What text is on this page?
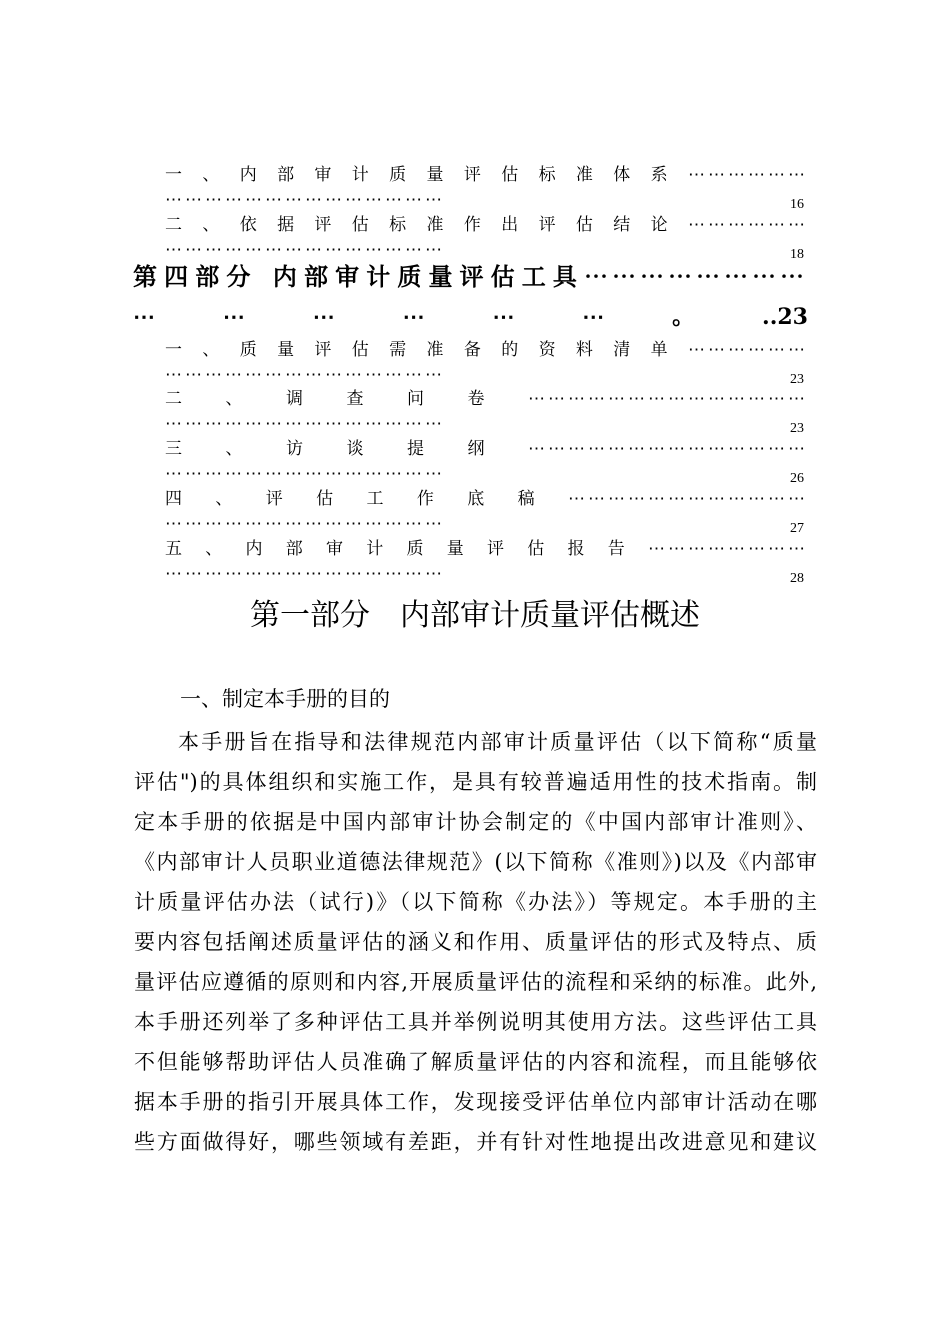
一、内部审计质量评估标准体系⋯⋯⋯⋯⋯⋯
⋯⋯⋯⋯⋯⋯⋯⋯⋯⋯⋯⋯⋯⋯	16
二、依据评估标准作出评估结论⋯⋯⋯⋯⋯⋯
⋯⋯⋯⋯⋯⋯⋯⋯⋯⋯⋯⋯⋯⋯	18
第四部分 内部审计质量评估工具⋯⋯⋯⋯⋯⋯⋯⋯
⋯	⋯	⋯	⋯	⋯	⋯	。	..23
一、质量评估需准备的资料清单⋯⋯⋯⋯⋯⋯
⋯⋯⋯⋯⋯⋯⋯⋯⋯⋯⋯⋯⋯⋯	23
二、调查问卷⋯⋯⋯⋯⋯⋯⋯⋯⋯⋯⋯⋯⋯⋯
⋯⋯⋯⋯⋯⋯⋯⋯⋯⋯⋯⋯⋯⋯	23
三、访谈提纲⋯⋯⋯⋯⋯⋯⋯⋯⋯⋯⋯⋯⋯⋯
⋯⋯⋯⋯⋯⋯⋯⋯⋯⋯⋯⋯⋯⋯	26
四、评估工作底稿⋯⋯⋯⋯⋯⋯⋯⋯⋯⋯⋯⋯
⋯⋯⋯⋯⋯⋯⋯⋯⋯⋯⋯⋯⋯⋯	27
五、内部审计质量评估报告⋯⋯⋯⋯⋯⋯⋯⋯
⋯⋯⋯⋯⋯⋯⋯⋯⋯⋯⋯⋯⋯⋯	28
第一部分　内部审计质量评估概述
一、制定本手册的目的
本手册旨在指导和法律规范内部审计质量评估（以下简称“质量
评估")的具体组织和实施工作，是具有较普遍适用性的技术指南。制
定本手册的依据是中国内部审计协会制定的《中国内部审计准则》、
《内部审计人员职业道德法律规范》(以下简称《准则》)以及《内部审
计质量评估办法（试行)》（以下简称《办法》）等规定。本手册的主
要内容包括阐述质量评估的涵义和作用、质量评估的形式及特点、质
量评估应遵循的原则和内容,开展质量评估的流程和采纳的标准。此外,
本手册还列举了多种评估工具并举例说明其使用方法。这些评估工具
不但能够帮助评估人员准确了解质量评估的内容和流程，而且能够依
据本手册的指引开展具体工作，发现接受评估单位内部审计活动在哪
些方面做得好，哪些领域有差距，并有针对性地提出改进意见和建议
